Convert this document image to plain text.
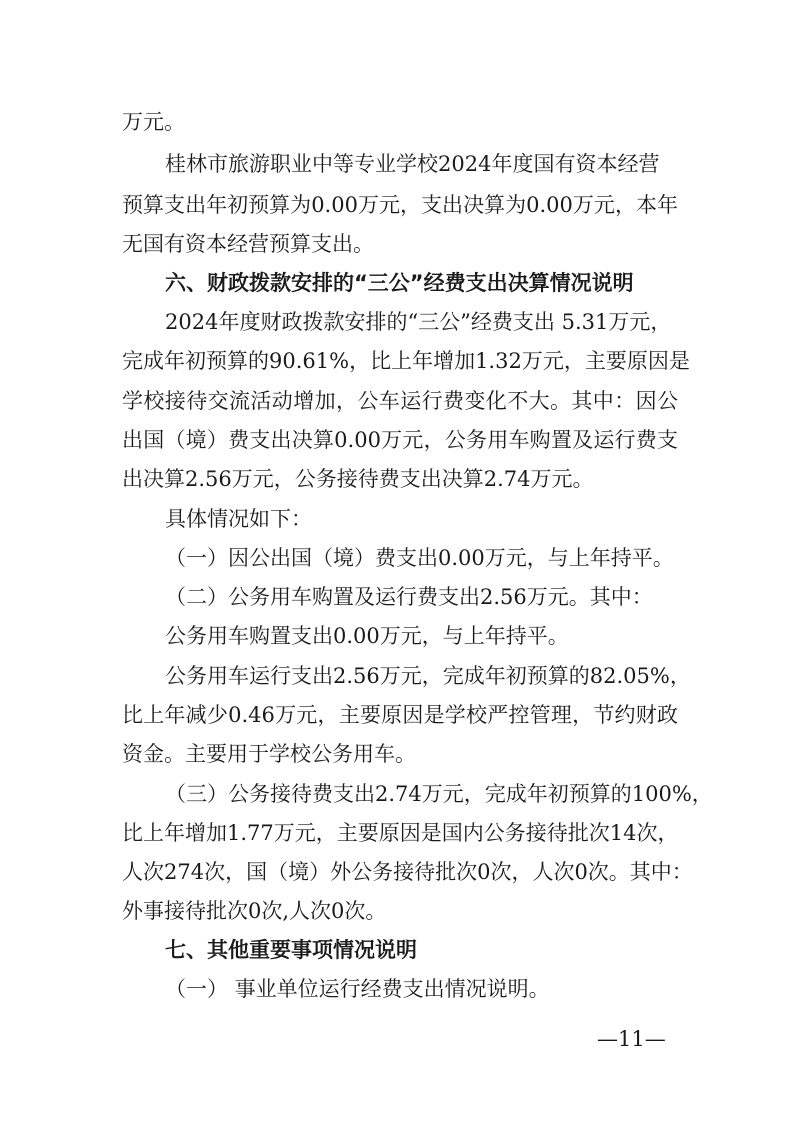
万元。
桂林市旅游职业中等专业学校2024年度国有资本经营
预算支出年初预算为0.00万元，支出决算为0.00万元，本年
无国有资本经营预算支出。
六、财政拨款安排的“三公”经费支出决算情况说明
2024年度财政拨款安排的“三公”经费支出 5.31万元，
完成年初预算的90.61%，比上年增加1.32万元，主要原因是
学校接待交流活动增加，公车运行费变化不大。其中：因公
出国（境）费支出决算0.00万元，公务用车购置及运行费支
出决算2.56万元，公务接待费支出决算2.74万元。
具体情况如下：
（一）因公出国（境）费支出0.00万元，与上年持平。
（二）公务用车购置及运行费支出2.56万元。其中：
公务用车购置支出0.00万元，与上年持平。
公务用车运行支出2.56万元，完成年初预算的82.05%，
比上年减少0.46万元，主要原因是学校严控管理，节约财政
资金。主要用于学校公务用车。
（三）公务接待费支出2.74万元，完成年初预算的100%，
比上年增加1.77万元，主要原因是国内公务接待批次14次，
人次274次，国（境）外公务接待批次0次，人次0次。其中：
外事接待批次0次,人次0次。
七、其他重要事项情况说明
（一） 事业单位运行经费支出情况说明。
—11—
